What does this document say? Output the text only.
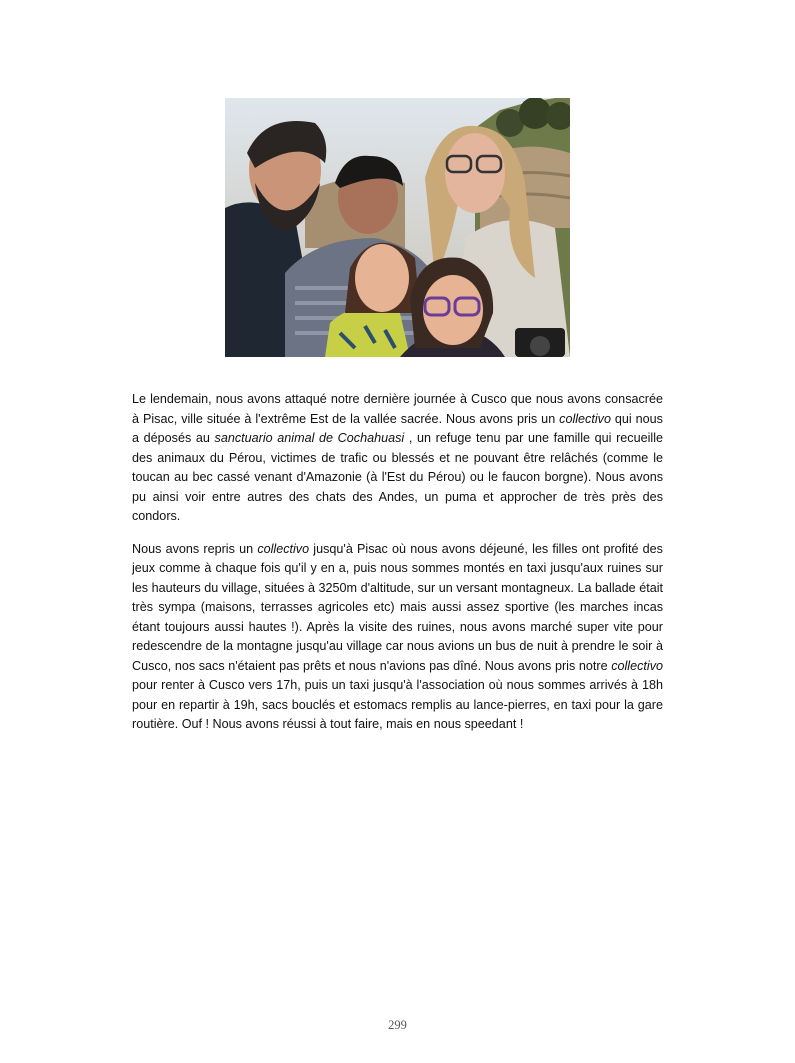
Le lendemain, nous avons attaqué notre dernière journée à Cusco que nous avons consacrée à Pisac, ville située à l'extrême Est de la vallée sacrée. Nous avons pris un collectivo qui nous a déposés au sanctuario animal de Cochahuasi , un refuge tenu par une famille qui recueille des animaux du Pérou, victimes de trafic ou blessés et ne pouvant être relâchés (comme le toucan au bec cassé venant d'Amazonie (à l'Est du Pérou) ou le faucon borgne). Nous avons pu ainsi voir entre autres des chats des Andes, un puma et approcher de très près des condors.

Nous avons repris un collectivo jusqu'à Pisac où nous avons déjeuné, les filles ont profité des jeux comme à chaque fois qu'il y en a, puis nous sommes montés en taxi jusqu'aux ruines sur les hauteurs du village, situées à 3250m d'altitude, sur un versant montagneux. La ballade était très sympa (maisons, terrasses agricoles etc) mais aussi assez sportive (les marches incas étant toujours aussi hautes !). Après la visite des ruines, nous avons marché super vite pour redescendre de la montagne jusqu'au village car nous avions un bus de nuit à prendre le soir à Cusco, nos sacs n'étaient pas prêts et nous n'avions pas dîné. Nous avons pris notre collectivo pour renter à Cusco vers 17h, puis un taxi jusqu'à l'association où nous sommes arrivés à 18h pour en repartir à 19h, sacs bouclés et estomacs remplis au lance-pierres, en taxi pour la gare routière. Ouf ! Nous avons réussi à tout faire, mais en nous speedant !

299
